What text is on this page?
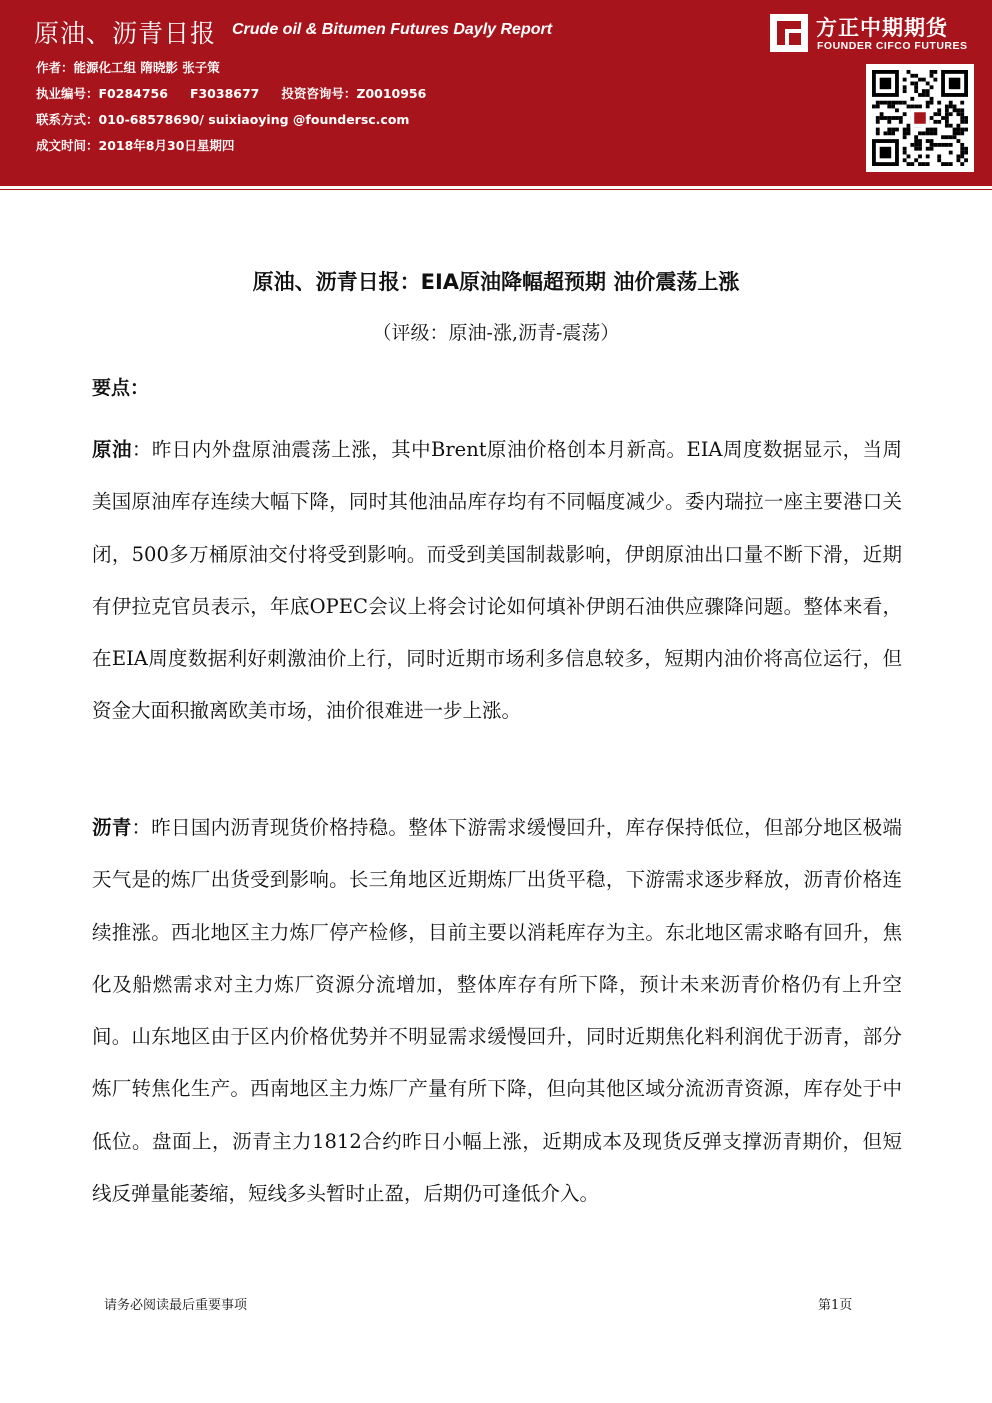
原油、沥青日报 Crude oil & Bitumen Futures Dayly Report
作者：能源化工组 隋晓影 张子策
执业编号：F0284756 F3038677 投资咨询号：Z0010956
联系方式：010-68578690/ suixiaoying @foundersc.com
成文时间：2018年8月30日星期四
方正中期期货
FOUNDER CIFCO FUTURES
原油、沥青日报：EIA原油降幅超预期 油价震荡上涨
（评级：原油-涨,沥青-震荡）
要点：
原油：昨日内外盘原油震荡上涨，其中Brent原油价格创本月新高。EIA周度数据显示，当周美国原油库存连续大幅下降，同时其他油品库存均有不同幅度减少。委内瑞拉一座主要港口关闭，500多万桶原油交付将受到影响。而受到美国制裁影响，伊朗原油出口量不断下滑，近期有伊拉克官员表示，年底OPEC会议上将会讨论如何填补伊朗石油供应骤降问题。整体来看，在EIA周度数据利好刺激油价上行，同时近期市场利多信息较多，短期内油价将高位运行，但资金大面积撤离欧美市场，油价很难进一步上涨。
沥青：昨日国内沥青现货价格持稳。整体下游需求缓慢回升，库存保持低位，但部分地区极端天气是的炼厂出货受到影响。长三角地区近期炼厂出货平稳，下游需求逐步释放，沥青价格连续推涨。西北地区主力炼厂停产检修，目前主要以消耗库存为主。东北地区需求略有回升，焦化及船燃需求对主力炼厂资源分流增加，整体库存有所下降，预计未来沥青价格仍有上升空间。山东地区由于区内价格优势并不明显需求缓慢回升，同时近期焦化料利润优于沥青，部分炼厂转焦化生产。西南地区主力炼厂产量有所下降，但向其他区域分流沥青资源，库存处于中低位。盘面上，沥青主力1812合约昨日小幅上涨，近期成本及现货反弹支撑沥青期价，但短线反弹量能萎缩，短线多头暂时止盈，后期仍可逢低介入。
请务必阅读最后重要事项	第1页
